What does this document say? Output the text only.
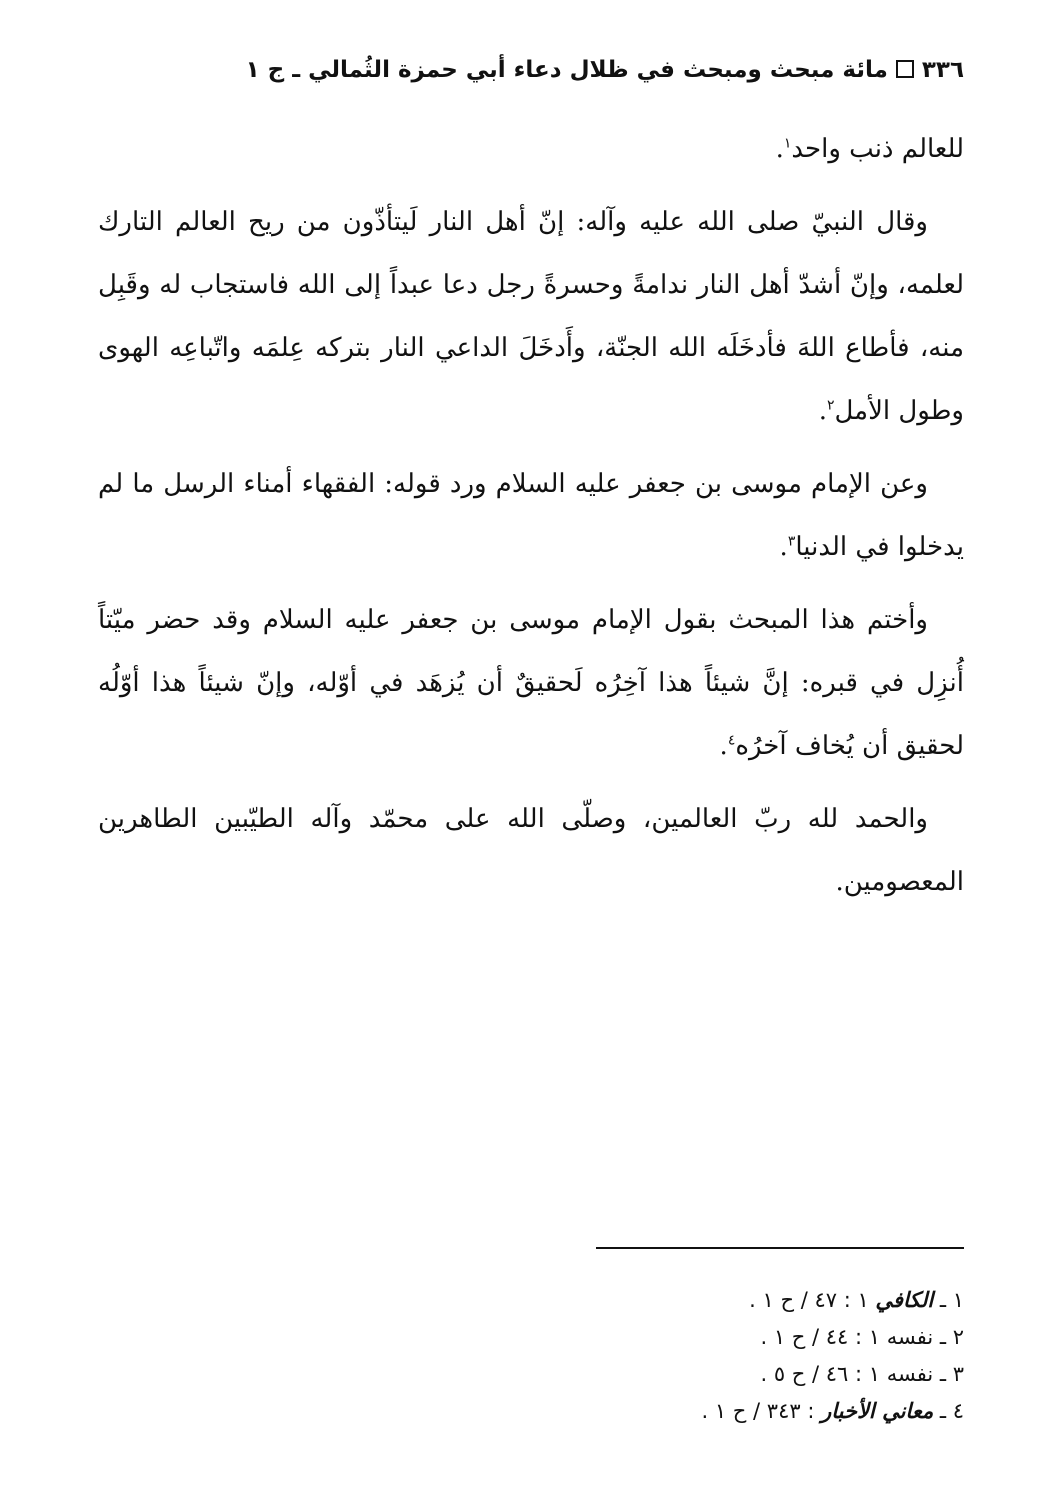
٣٣٦مائة مبحث ومبحث في ظلال دعاء أبي حمزة الثُمالي ـ ج ١

للعالم ذنب واحد$^١$.

وقال النبيّ صلى الله عليه وآله: إنّ أهل النار لَيتأذّون من ريح العالم التارك لعلمه، وإنّ أشدّ أهل النار ندامةً وحسرةً رجل دعا عبداً إلى الله فاستجاب له وقَبِل منه، فأطاع اللهَ فأدخَلَه الله الجنّة، وأَدخَلَ الداعي النار بتركه عِلمَه واتّباعِه الهوى وطول الأمل$^٢$.

وعن الإمام موسى بن جعفر عليه السلام ورد قوله: الفقهاء أمناء الرسل ما لم يدخلوا في الدنيا$^٣$.

وأختم هذا المبحث بقول الإمام موسى بن جعفر عليه السلام وقد حضر ميّتاً أُنزِل في قبره: إنَّ شيئاً هذا آخِرُه لَحقيقٌ أن يُزهَد في أوّله، وإنّ شيئاً هذا أوّلُه لحقيق أن يُخاف آخرُه$^٤$.

والحمد لله ربّ العالمين، وصلّى الله على محمّد وآله الطيّبين الطاهرين المعصومين.

١ ـ الكافي ١ : ٤٧ / ح ١ .
٢ ـ نفسه ١ : ٤٤ / ح ١ .
٣ ـ نفسه ١ : ٤٦ / ح ٥ .
٤ ـ معاني الأخبار : ٣٤٣ / ح ١ .
